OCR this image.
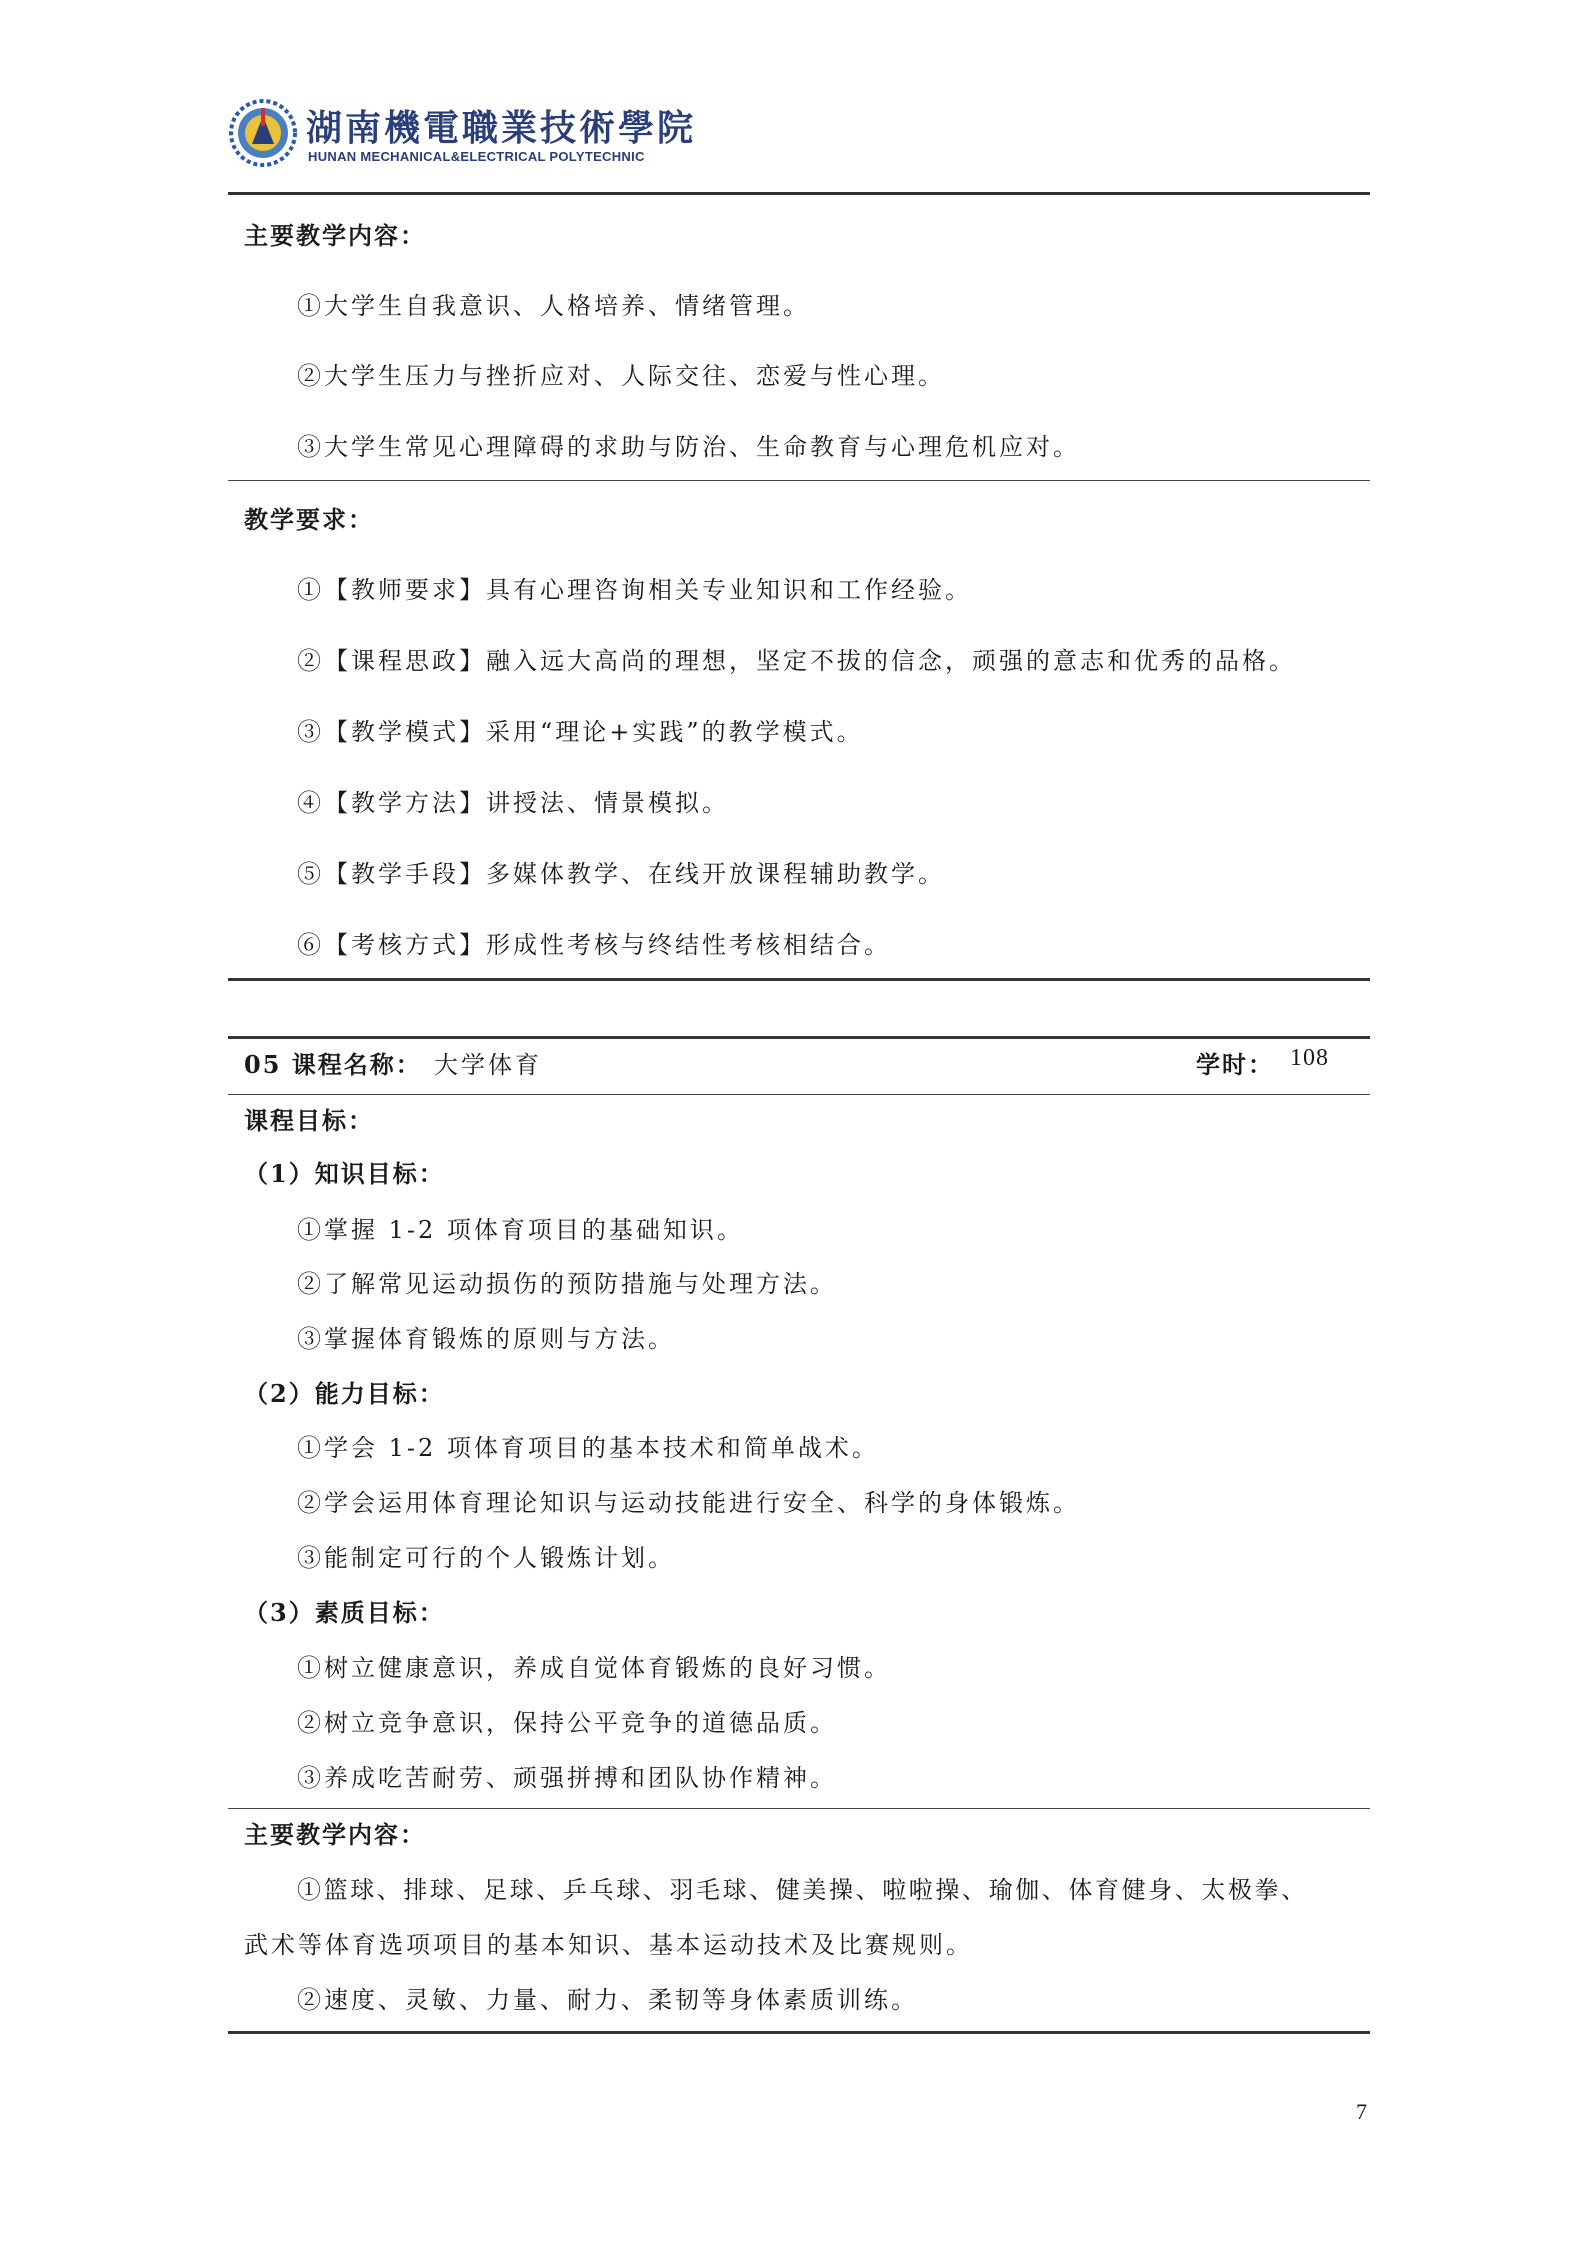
湖南機電職業技術學院
HUNAN MECHANICAL&ELECTRICAL POLYTECHNIC
主要教学内容：
①大学生自我意识、人格培养、情绪管理。
②大学生压力与挫折应对、人际交往、恋爱与性心理。
③大学生常见心理障碍的求助与防治、生命教育与心理危机应对。
教学要求：
①【教师要求】具有心理咨询相关专业知识和工作经验。
②【课程思政】融入远大高尚的理想，坚定不拔的信念，顽强的意志和优秀的品格。
③【教学模式】采用“理论+实践”的教学模式。
④【教学方法】讲授法、情景模拟。
⑤【教学手段】多媒体教学、在线开放课程辅助教学。
⑥【考核方式】形成性考核与终结性考核相结合。
05 课程名称： 大学体育	学时： 108
课程目标：
（1）知识目标：
①掌握 1-2 项体育项目的基础知识。
②了解常见运动损伤的预防措施与处理方法。
③掌握体育锻炼的原则与方法。
（2）能力目标：
①学会 1-2 项体育项目的基本技术和简单战术。
②学会运用体育理论知识与运动技能进行安全、科学的身体锻炼。
③能制定可行的个人锻炼计划。
（3）素质目标：
①树立健康意识，养成自觉体育锻炼的良好习惯。
②树立竞争意识，保持公平竞争的道德品质。
③养成吃苦耐劳、顽强拼搏和团队协作精神。
主要教学内容：
①篮球、排球、足球、乒乓球、羽毛球、健美操、啦啦操、瑜伽、体育健身、太极拳、
武术等体育选项项目的基本知识、基本运动技术及比赛规则。
②速度、灵敏、力量、耐力、柔韧等身体素质训练。
7
